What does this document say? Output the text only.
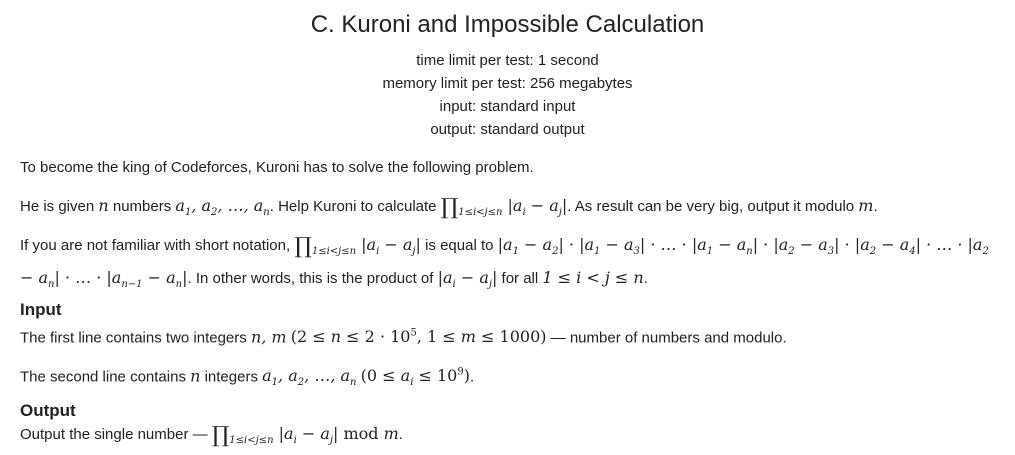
C. Kuroni and Impossible Calculation
time limit per test: 1 second
memory limit per test: 256 megabytes
input: standard input
output: standard output

To become the king of Codeforces, Kuroni has to solve the following problem.

He is given n numbers $a_1$, $a_2$, …, $a_n$. Help Kuroni to calculate $\prod_{1\le i<j\le n}$ $|a_i - a_j|$. As result can be very big, output it modulo m.

If you are not familiar with short notation, $\prod_{1\le i<j\le n}$ $|a_i - a_j|$ is equal to $|a_1 - a_2| \cdot |a_1 - a_3|$ · … · $|a_1 - a_n| \cdot |a_2 - a_3| \cdot |a_2 - a_4|$ · … · $|a_2 - a_n|$ · … · $|a_{n-1} - a_n|$. In other words, this is the product of $|a_i - a_j|$ for all 1 ≤ i < j ≤ n.

Input

The first line contains two integers n, m ($2 \le n \le 2 \cdot 10^5$, 1 ≤ m ≤ 1000) — number of numbers and modulo.

The second line contains n integers $a_1$, $a_2$, …, $a_n$ $(0 \le a_i \le 10^9)$.

Output

Output the single number — $\prod_{1\le i<j\le n}$ $|a_i - a_j|$ mod m.
